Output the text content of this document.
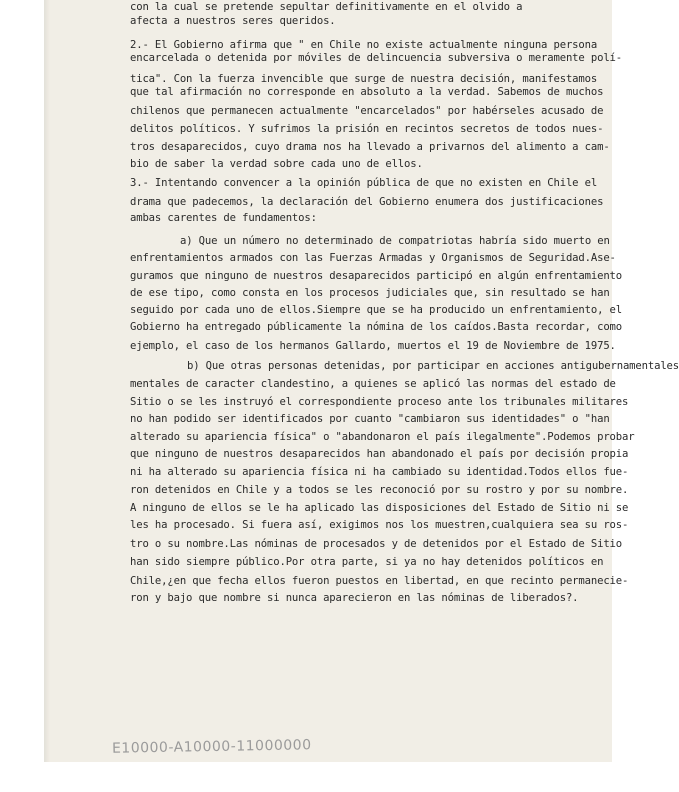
con la cual se pretende sepultar definitivamente en el olvido a
afecta a nuestros seres queridos.
2.- El Gobierno afirma que " en Chile no existe actualmente ninguna persona
encarcelada o detenida por móviles de delincuencia subversiva o meramente polí-
tica". Con la fuerza invencible que surge de nuestra decisión, manifestamos
que tal afirmación no corresponde en absoluto a la verdad. Sabemos de muchos
chilenos que permanecen actualmente "encarcelados" por habérseles acusado de
delitos políticos. Y sufrimos la prisión en recintos secretos de todos nues-
tros desaparecidos, cuyo drama nos ha llevado a privarnos del alimento a cam-
bio de saber la verdad sobre cada uno de ellos.
3.- Intentando convencer a la opinión pública de que no existen en Chile el
drama que padecemos, la declaración del Gobierno enumera dos justificaciones
ambas carentes de fundamentos:
a) Que un número no determinado de compatriotas habría sido muerto en
enfrentamientos armados con las Fuerzas Armadas y Organismos de Seguridad.Ase-
guramos que ninguno de nuestros desaparecidos participó en algún enfrentamiento
de ese tipo, como consta en los procesos judiciales que, sin resultado se han
seguido por cada uno de ellos.Siempre que se ha producido un enfrentamiento, el
Gobierno ha entregado públicamente la nómina de los caídos.Basta recordar, como
ejemplo, el caso de los hermanos Gallardo, muertos el 19 de Noviembre de 1975.
b) Que otras personas detenidas, por participar en acciones antigubernamentales
mentales de caracter clandestino, a quienes se aplicó las normas del estado de
Sitio o se les instruyó el correspondiente proceso ante los tribunales militares
no han podido ser identificados por cuanto "cambiaron sus identidades" o "han
alterado su apariencia física" o "abandonaron el país ilegalmente".Podemos probar
que ninguno de nuestros desaparecidos han abandonado el país por decisión propia
ni ha alterado su apariencia física ni ha cambiado su identidad.Todos ellos fue-
ron detenidos en Chile y a todos se les reconoció por su rostro y por su nombre.
A ninguno de ellos se le ha aplicado las disposiciones del Estado de Sitio ni se
les ha procesado. Si fuera así, exigimos nos los muestren,cualquiera sea su ros-
tro o su nombre.Las nóminas de procesados y de detenidos por el Estado de Sitio
han sido siempre público.Por otra parte, si ya no hay detenidos políticos en
Chile,¿en que fecha ellos fueron puestos en libertad, en que recinto permanecie-
ron y bajo que nombre si nunca aparecieron en las nóminas de liberados?.
E10000-A10000-11000000
